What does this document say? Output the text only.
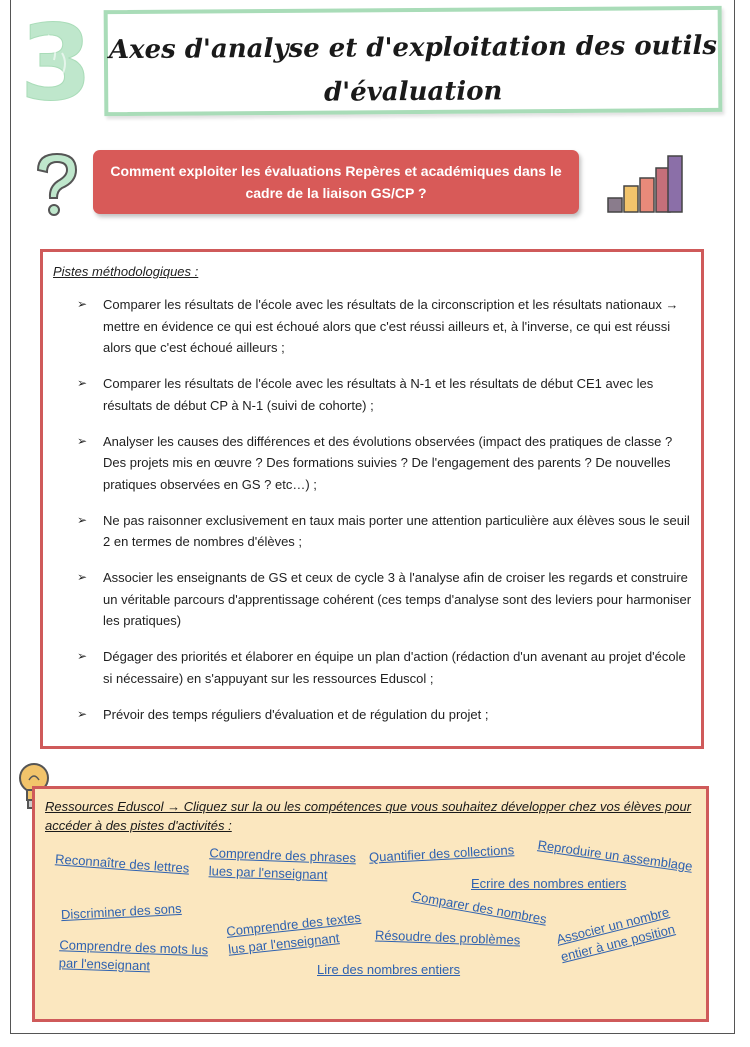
3 Axes d'analyse et d'exploitation des outils
d'évaluation
Comment exploiter les évaluations Repères et académiques dans le cadre de la liaison GS/CP ?
Pistes méthodologiques :
➢ Comparer les résultats de l'école avec les résultats de la circonscription et les résultats nationaux → mettre en évidence ce qui est échoué alors que c'est réussi ailleurs et, à l'inverse, ce qui est réussi alors que c'est échoué ailleurs ;
➢ Comparer les résultats de l'école avec les résultats à N-1 et les résultats de début CE1 avec les résultats de début CP à N-1 (suivi de cohorte) ;
➢ Analyser les causes des différences et des évolutions observées (impact des pratiques de classe ? Des projets mis en œuvre ? Des formations suivies ? De l'engagement des parents ? De nouvelles pratiques observées en GS ? etc…) ;
➢ Ne pas raisonner exclusivement en taux mais porter une attention particulière aux élèves sous le seuil 2 en termes de nombres d'élèves ;
➢ Associer les enseignants de GS et ceux de cycle 3 à l'analyse afin de croiser les regards et construire un véritable parcours d'apprentissage cohérent (ces temps d'analyse sont des leviers pour harmoniser les pratiques)
➢ Dégager des priorités et élaborer en équipe un plan d'action (rédaction d'un avenant au projet d'école si nécessaire) en s'appuyant sur les ressources Eduscol ;
➢ Prévoir des temps réguliers d'évaluation et de régulation du projet ;
Ressources Eduscol → Cliquez sur la ou les compétences que vous souhaitez développer chez vos élèves pour accéder à des pistes d'activités :
Reconnaître des lettres Comprendre des phrases lues par l'enseignant
Quantifier des collections Reproduire un assemblage
Ecrire des nombres entiers
Discriminer des sons	Comparer des nombres
Comprendre des textes lus par l'enseignant	Résoudre des problèmes	Associer un nombre entier à une position
Comprendre des mots lus par l'enseignant	Lire des nombres entiers
